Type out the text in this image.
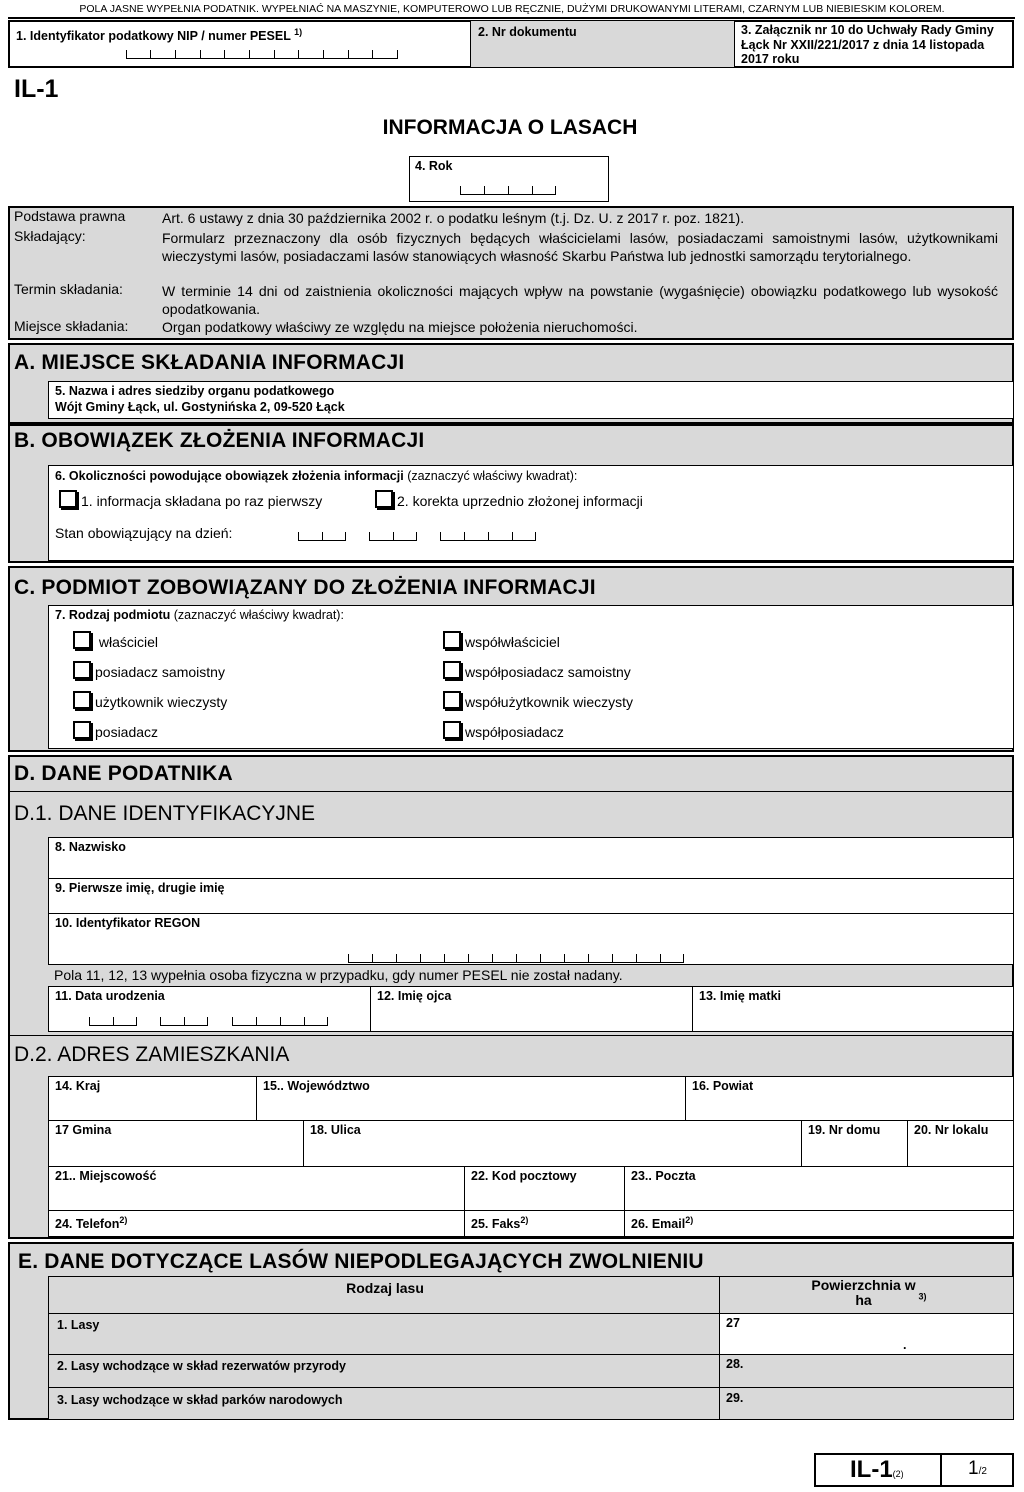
POLA JASNE WYPEŁNIA PODATNIK. WYPEŁNIAĆ NA MASZYNIE, KOMPUTEROWO LUB RĘCZNIE, DUŻYMI DRUKOWANYMI LITERAMI, CZARNYM LUB NIEBIESKIM KOLOREM.
1. Identyfikator podatkowy NIP / numer PESEL $^{1)}$	2. Nr dokumentu	3. Załącznik nr 10 do Uchwały Rady Gminy Łąck Nr XXII/221/2017 z dnia 14 listopada 2017 roku
IL-1
INFORMACJA O LASACH
4. Rok
Podstawa prawna	Art. 6 ustawy z dnia 30 października 2002 r. o podatku leśnym (t.j. Dz. U. z 2017 r. poz. 1821).
Składający:	Formularz przeznaczony dla osób fizycznych będących właścicielami lasów, posiadaczami samoistnymi lasów, użytkownikami wieczystymi lasów, posiadaczami lasów stanowiących własność Skarbu Państwa lub jednostki samorządu terytorialnego.
Termin składania:	W terminie 14 dni od zaistnienia okoliczności mających wpływ na powstanie (wygaśnięcie) obowiązku podatkowego lub wysokość opodatkowania.
Miejsce składania: Organ podatkowy właściwy ze względu na miejsce położenia nieruchomości.
A. MIEJSCE SKŁADANIA INFORMACJI
5. Nazwa i adres siedziby organu podatkowego
Wójt Gminy Łąck, ul. Gostynińska 2, 09-520 Łąck
B. OBOWIĄZEK ZŁOŻENIA INFORMACJI
6. Okoliczności powodujące obowiązek złożenia informacji (zaznaczyć właściwy kwadrat):
1. informacja składana po raz pierwszy	2. korekta uprzednio złożonej informacji
Stan obowiązujący na dzień:
C. PODMIOT ZOBOWIĄZANY DO ZŁOŻENIA INFORMACJI
7. Rodzaj podmiotu (zaznaczyć właściwy kwadrat):
właściciel
posiadacz samoistny
użytkownik wieczysty
posiadacz
współwłaściciel
współposiadacz samoistny
współużytkownik wieczysty
współposiadacz
D. DANE PODATNIKA
D.1. DANE IDENTYFIKACYJNE
8. Nazwisko
9. Pierwsze imię, drugie imię
10. Identyfikator REGON
Pola 11, 12, 13 wypełnia osoba fizyczna w przypadku, gdy numer PESEL nie został nadany.
11. Data urodzenia	12. Imię ojca	13. Imię matki
D.2. ADRES ZAMIESZKANIA
14. Kraj	15.. Województwo	16. Powiat
17 Gmina	18. Ulica	19. Nr domu	20. Nr lokalu
21.. Miejscowość	22. Kod pocztowy	23.. Poczta
24. Telefon$^{2)}$	25. Faks$^{2)}$	26. Email$^{2)}$
E. DANE DOTYCZĄCE LASÓW NIEPODLEGAJĄCYCH ZWOLNIENIU
Rodzaj lasu	Powierzchnia w ha	$^{3)}$
1. Lasy	27
.
2. Lasy wchodzące w skład rezerwatów przyrody	28.
3. Lasy wchodzące w skład parków narodowych	29.
IL-1(2)	1/2
